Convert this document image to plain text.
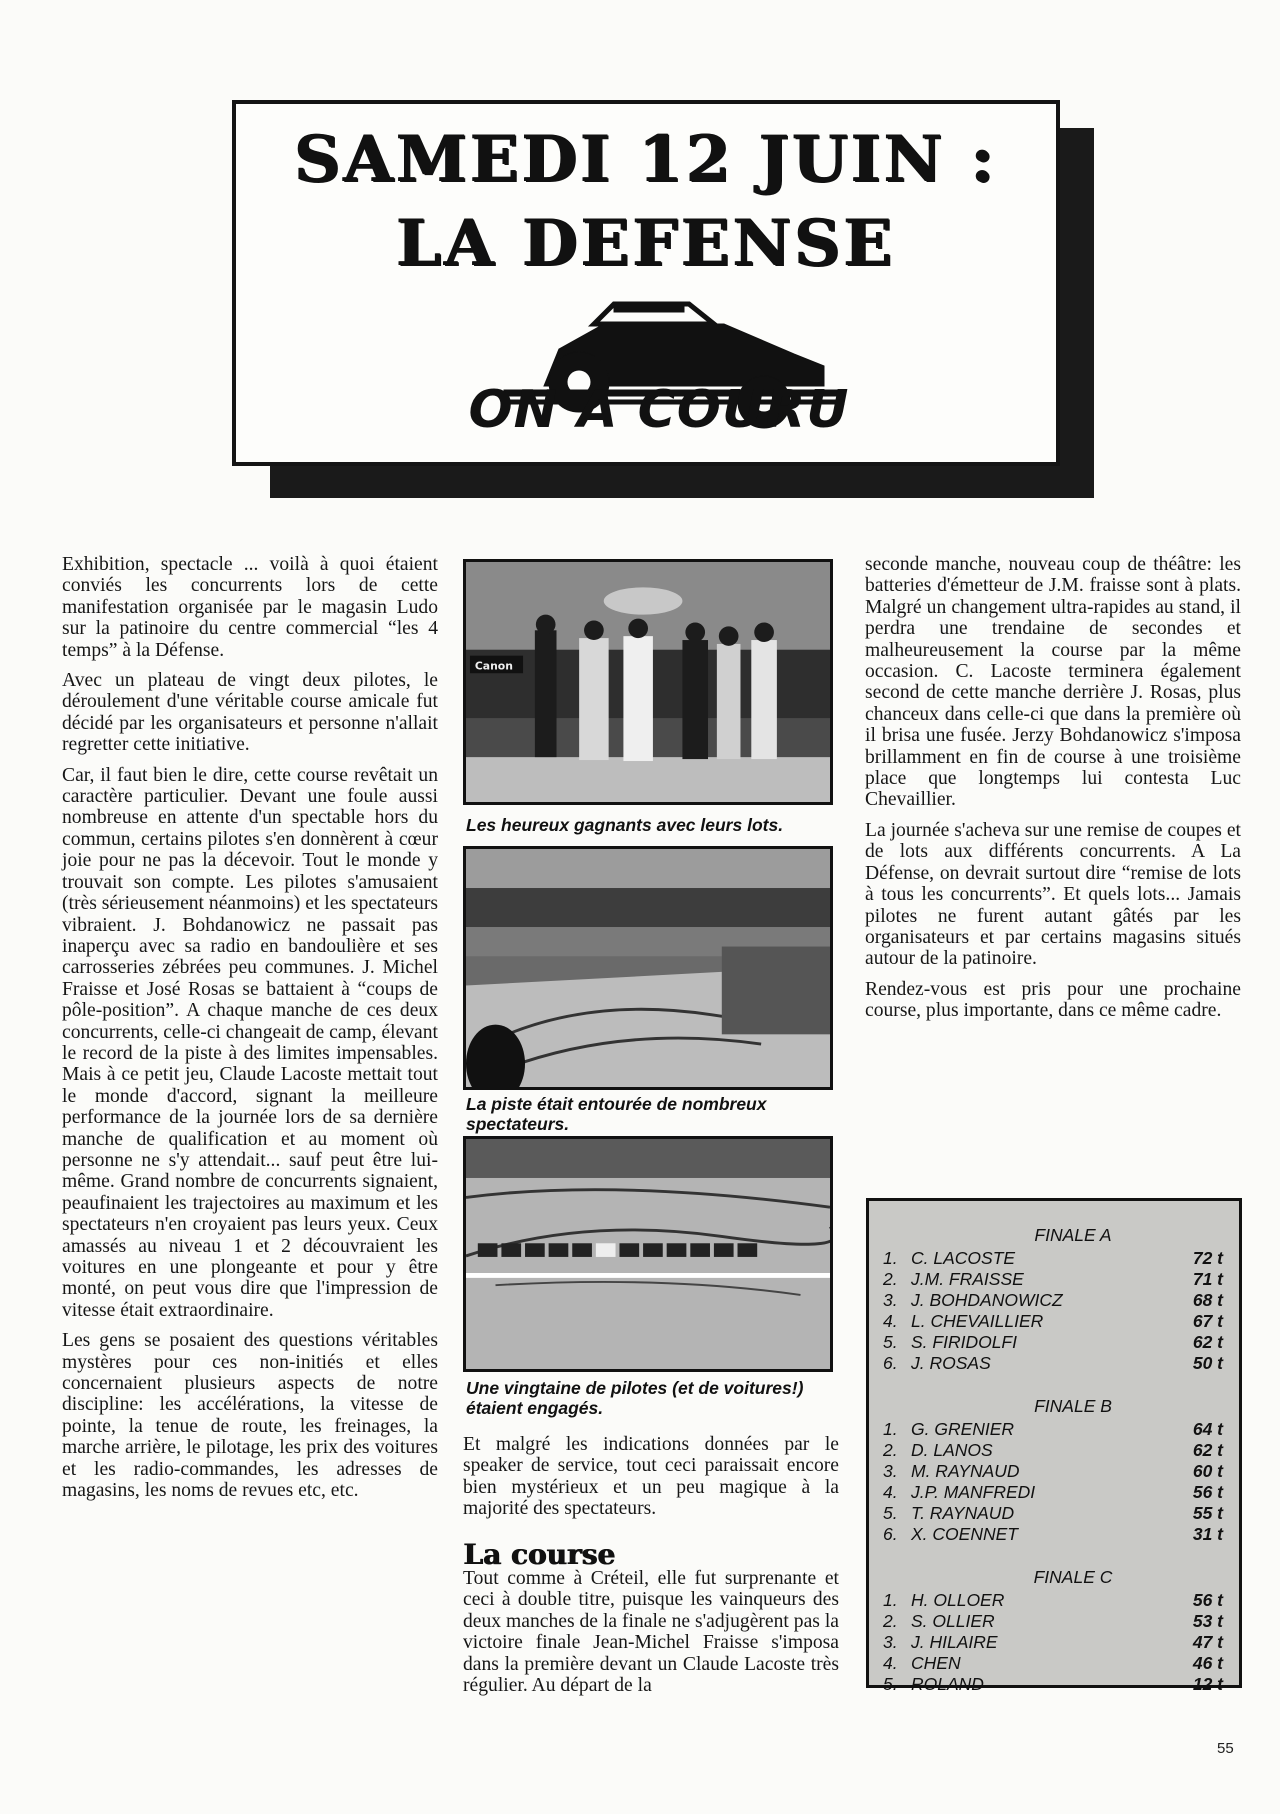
SAMEDI 12 JUIN :
LA DEFENSE
ON A COURU

Exhibition, spectacle ... voilà à quoi étaient conviés les concurrents lors de cette manifestation organisée par le magasin Ludo sur la patinoire du centre commercial “les 4 temps” à la Défense.

Avec un plateau de vingt deux pilotes, le déroulement d'une véritable course amicale fut décidé par les organisateurs et personne n'allait regretter cette initiative.

Car, il faut bien le dire, cette course revêtait un caractère particulier. Devant une foule aussi nombreuse en attente d'un spectable hors du commun, certains pilotes s'en donnèrent à cœur joie pour ne pas la décevoir. Tout le monde y trouvait son compte. Les pilotes s'amusaient (très sérieusement néanmoins) et les spectateurs vibraient. J. Bohdanowicz ne passait pas inaperçu avec sa radio en bandoulière et ses carrosseries zébrées peu communes. J. Michel Fraisse et José Rosas se battaient à “coups de pôle-position”. A chaque manche de ces deux concurrents, celle-ci changeait de camp, élevant le record de la piste à des limites impensables. Mais à ce petit jeu, Claude Lacoste mettait tout le monde d'accord, signant la meilleure performance de la journée lors de sa dernière manche de qualification et au moment où personne ne s'y attendait... sauf peut être lui-même. Grand nombre de concurrents signaient, peaufinaient les trajectoires au maximum et les spectateurs n'en croyaient pas leurs yeux. Ceux amassés au niveau 1 et 2 découvraient les voitures en une plongeante et pour y être monté, on peut vous dire que l'impression de vitesse était extraordinaire.

Les gens se posaient des questions véritables mystères pour ces non-initiés et elles concernaient plusieurs aspects de notre discipline: les accélérations, la vitesse de pointe, la tenue de route, les freinages, la marche arrière, le pilotage, les prix des voitures et les radio-commandes, les adresses de magasins, les noms de revues etc, etc.

Canon
Les heureux gagnants avec leurs lots.
La piste était entourée de nombreux spectateurs.
Une vingtaine de pilotes (et de voitures!) étaient engagés.

Et malgré les indications données par le speaker de service, tout ceci paraissait encore bien mystérieux et un peu magique à la majorité des spectateurs.

La course

Tout comme à Créteil, elle fut surprenante et ceci à double titre, puisque les vainqueurs des deux manches de la finale ne s'adjugèrent pas la victoire finale Jean-Michel Fraisse s'imposa dans la première devant un Claude Lacoste très régulier. Au départ de la

seconde manche, nouveau coup de théâtre: les batteries d'émetteur de J.M. fraisse sont à plats. Malgré un changement ultra-rapides au stand, il perdra une trendaine de secondes et malheureusement la course par la même occasion. C. Lacoste terminera également second de cette manche derrière J. Rosas, plus chanceux dans celle-ci que dans la première où il brisa une fusée. Jerzy Bohdanowicz s'imposa brillamment en fin de course à une troisième place que longtemps lui contesta Luc Chevaillier.

La journée s'acheva sur une remise de coupes et de lots aux différents concurrents. A La Défense, on devrait surtout dire “remise de lots à tous les concurrents”. Et quels lots... Jamais pilotes ne furent autant gâtés par les organisateurs et par certains magasins situés autour de la patinoire.

Rendez-vous est pris pour une prochaine course, plus importante, dans ce même cadre.

FINALE A
1. C. LACOSTE	72 t
2. J.M. FRAISSE	71 t
3. J. BOHDANOWICZ	68 t
4. L. CHEVAILLIER	67 t
5. S. FIRIDOLFI	62 t
6. J. ROSAS	50 t
FINALE B
1. G. GRENIER	64 t
2. D. LANOS	62 t
3. M. RAYNAUD	60 t
4. J.P. MANFREDI	56 t
5. T. RAYNAUD	55 t
6. X. COENNET	31 t
FINALE C
1. H. OLLOER	56 t
2. S. OLLIER	53 t
3. J. HILAIRE	47 t
4. CHEN	46 t
5. ROLAND	12 t
55
